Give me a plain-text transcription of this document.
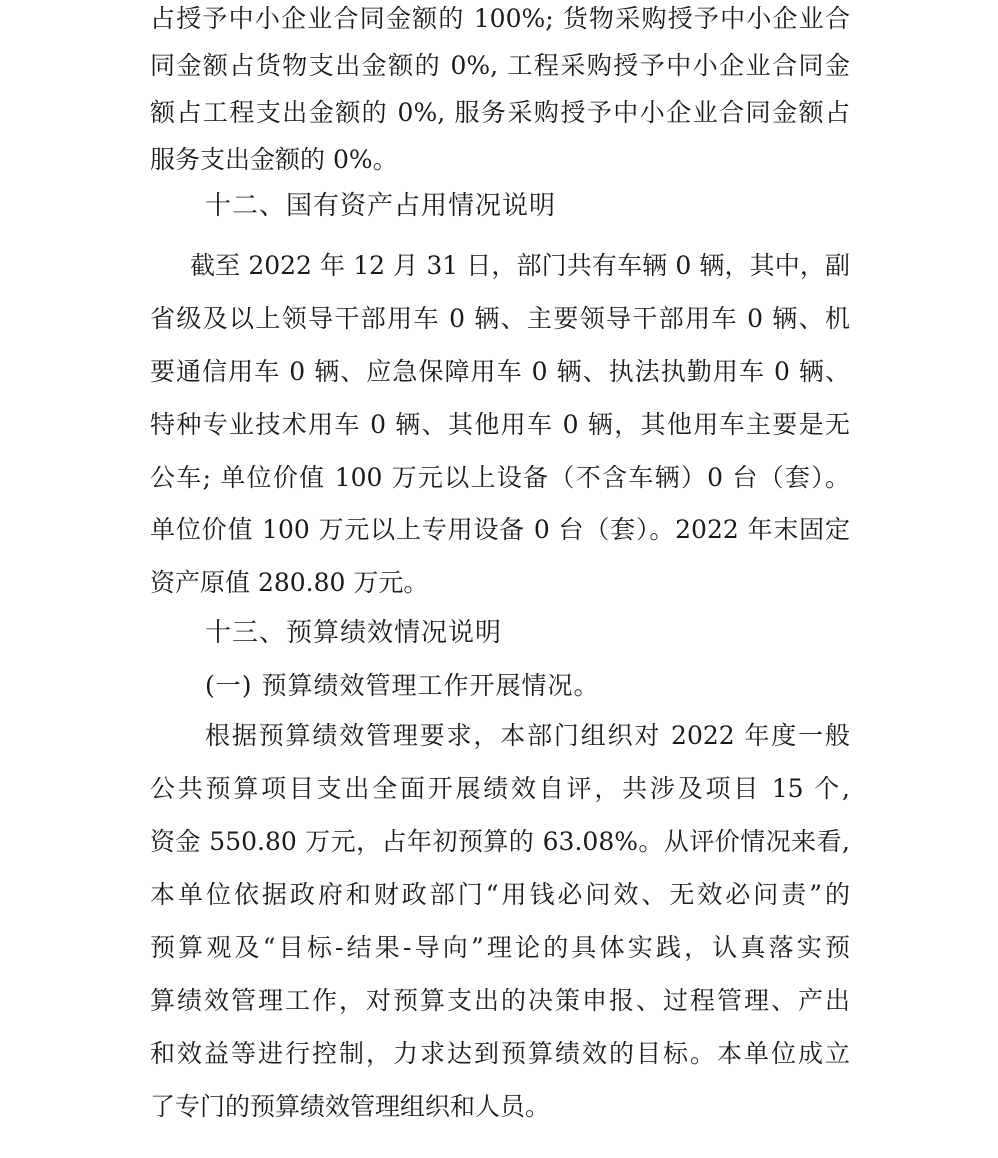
占授予中小企业合同金额的 100%; 货物采购授予中小企业合
同金额占货物支出金额的 0%, 工程采购授予中小企业合同金
额占工程支出金额的 0%, 服务采购授予中小企业合同金额占
服务支出金额的 0%。
十二、国有资产占用情况说明
截至 2022 年 12 月 31 日，部门共有车辆 0 辆，其中，副
省级及以上领导干部用车 0 辆、主要领导干部用车 0 辆、机
要通信用车 0 辆、应急保障用车 0 辆、执法执勤用车 0 辆、
特种专业技术用车 0 辆、其他用车 0 辆，其他用车主要是无
公车; 单位价值 100 万元以上设备（不含车辆）0 台（套）。
单位价值 100 万元以上专用设备 0 台（套）。2022 年末固定
资产原值 280.80 万元。
十三、预算绩效情况说明
(一) 预算绩效管理工作开展情况。
根据预算绩效管理要求，本部门组织对 2022 年度一般
公共预算项目支出全面开展绩效自评，共涉及项目 15 个,
资金 550.80 万元，占年初预算的 63.08%。从评价情况来看,
本单位依据政府和财政部门“用钱必问效、无效必问责”的
预算观及“目标-结果-导向”理论的具体实践，认真落实预
算绩效管理工作，对预算支出的决策申报、过程管理、产出
和效益等进行控制，力求达到预算绩效的目标。本单位成立
了专门的预算绩效管理组织和人员。
